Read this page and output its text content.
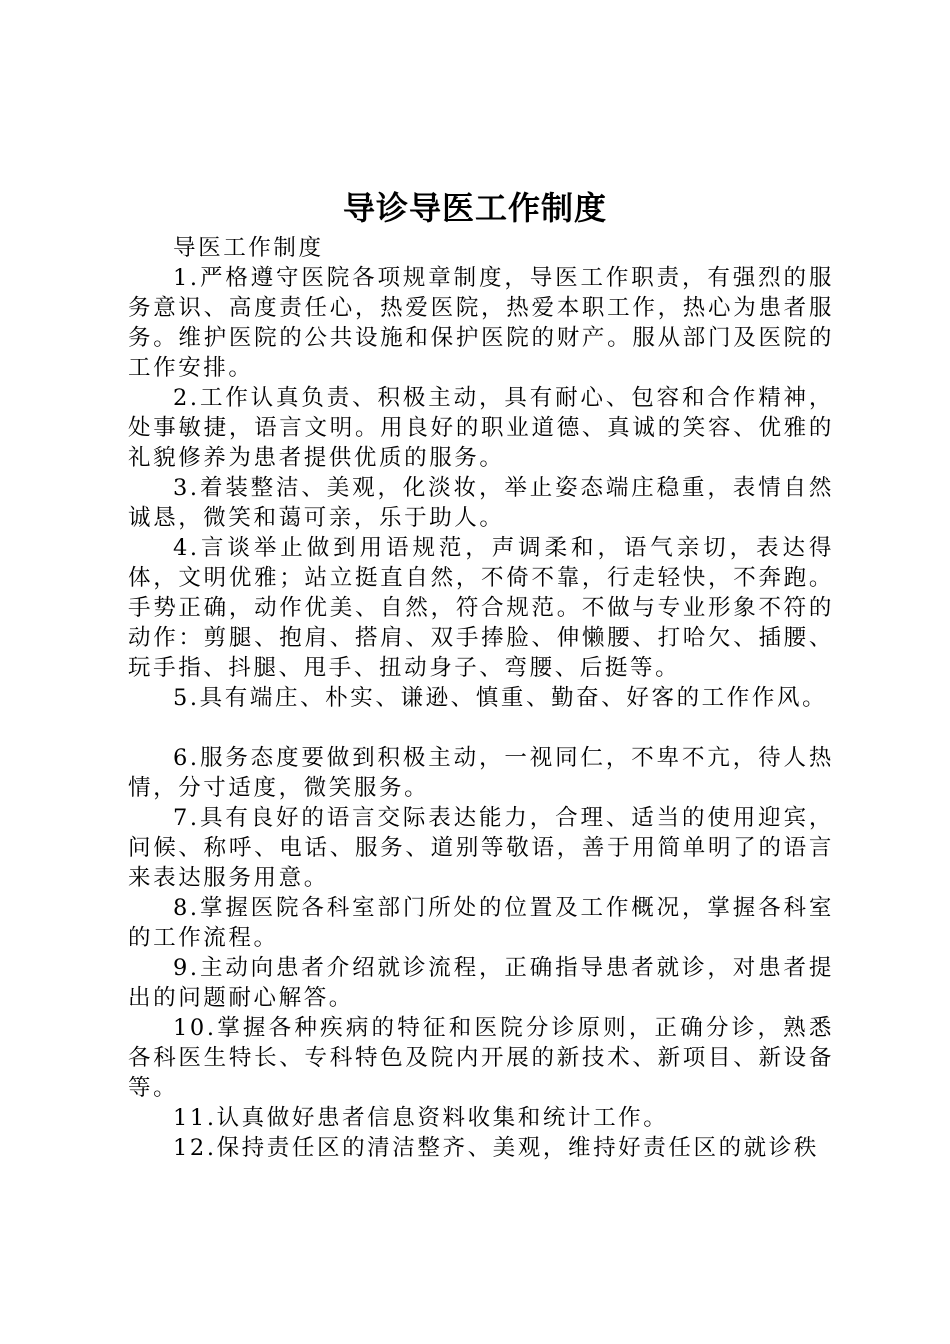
导诊导医工作制度

导医工作制度

1.严格遵守医院各项规章制度，导医工作职责，有强烈的服务意识、高度责任心，热爱医院，热爱本职工作，热心为患者服务。维护医院的公共设施和保护医院的财产。服从部门及医院的工作安排。

2.工作认真负责、积极主动，具有耐心、包容和合作精神，处事敏捷，语言文明。用良好的职业道德、真诚的笑容、优雅的礼貌修养为患者提供优质的服务。

3.着装整洁、美观，化淡妆，举止姿态端庄稳重，表情自然诚恳，微笑和蔼可亲，乐于助人。

4.言谈举止做到用语规范，声调柔和，语气亲切，表达得体，文明优雅；站立挺直自然，不倚不靠，行走轻快，不奔跑。手势正确，动作优美、自然，符合规范。不做与专业形象不符的动作：剪腿、抱肩、搭肩、双手捧脸、伸懒腰、打哈欠、插腰、玩手指、抖腿、甩手、扭动身子、弯腰、后挺等。

5.具有端庄、朴实、谦逊、慎重、勤奋、好客的工作作风。

6.服务态度要做到积极主动，一视同仁，不卑不亢，待人热情，分寸适度，微笑服务。

7.具有良好的语言交际表达能力，合理、适当的使用迎宾，问候、称呼、电话、服务、道别等敬语，善于用简单明了的语言来表达服务用意。

8.掌握医院各科室部门所处的位置及工作概况，掌握各科室的工作流程。

9.主动向患者介绍就诊流程，正确指导患者就诊，对患者提出的问题耐心解答。

10.掌握各种疾病的特征和医院分诊原则，正确分诊，熟悉各科医生特长、专科特色及院内开展的新技术、新项目、新设备等。

11.认真做好患者信息资料收集和统计工作。

12.保持责任区的清洁整齐、美观，维持好责任区的就诊秩
